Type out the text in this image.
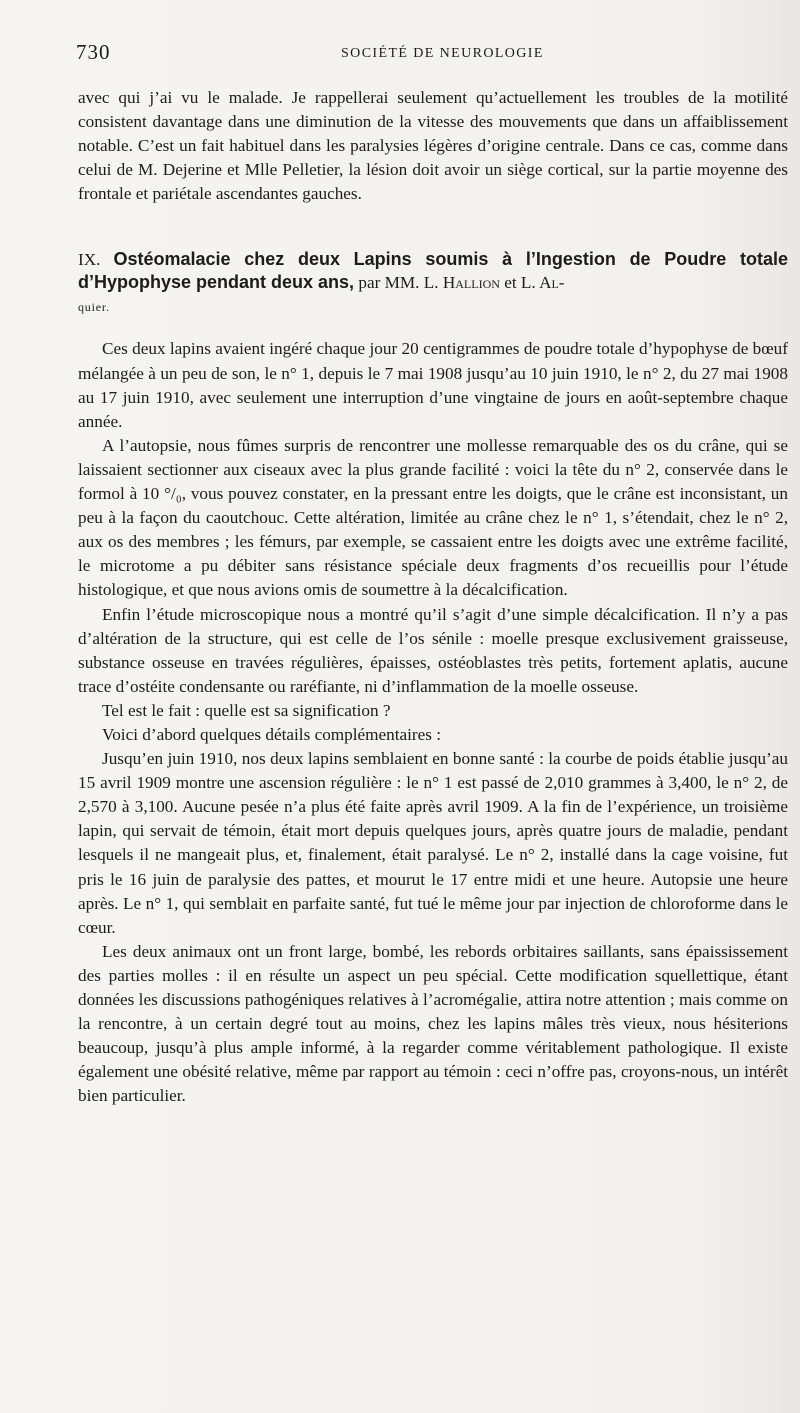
730	SOCIÉTÉ DE NEUROLOGIE

avec qui j’ai vu le malade. Je rappellerai seulement qu’actuellement les troubles de la motilité consistent davantage dans une diminution de la vitesse des mouvements que dans un affaiblissement notable. C’est un fait habituel dans les paralysies légères d’origine centrale. Dans ce cas, comme dans celui de M. Dejerine et Mlle Pelletier, la lésion doit avoir un siège cortical, sur la partie moyenne des frontale et pariétale ascendantes gauches.

IX. Ostéomalacie chez deux Lapins soumis à l’Ingestion de Poudre totale d’Hypophyse pendant deux ans, par MM. L. Hallion et L. Al-
quier.

Ces deux lapins avaient ingéré chaque jour 20 centigrammes de poudre totale d’hypophyse de bœuf mélangée à un peu de son, le n° 1, depuis le 7 mai 1908 jusqu’au 10 juin 1910, le n° 2, du 27 mai 1908 au 17 juin 1910, avec seulement une interruption d’une vingtaine de jours en août-septembre chaque année.

A l’autopsie, nous fûmes surpris de rencontrer une mollesse remarquable des os du crâne, qui se laissaient sectionner aux ciseaux avec la plus grande facilité : voici la tête du n° 2, conservée dans le formol à 10 °/₀, vous pouvez constater, en la pressant entre les doigts, que le crâne est inconsistant, un peu à la façon du caoutchouc. Cette altération, limitée au crâne chez le n° 1, s’étendait, chez le n° 2, aux os des membres ; les fémurs, par exemple, se cassaient entre les doigts avec une extrême facilité, le microtome a pu débiter sans résistance spéciale deux fragments d’os recueillis pour l’étude histologique, et que nous avions omis de soumettre à la décalcification.

Enfin l’étude microscopique nous a montré qu’il s’agit d’une simple décalcification. Il n’y a pas d’altération de la structure, qui est celle de l’os sénile : moelle presque exclusivement graisseuse, substance osseuse en travées régulières, épaisses, ostéoblastes très petits, fortement aplatis, aucune trace d’ostéite condensante ou raréfiante, ni d’inflammation de la moelle osseuse.

Tel est le fait : quelle est sa signification ?

Voici d’abord quelques détails complémentaires :

Jusqu’en juin 1910, nos deux lapins semblaient en bonne santé : la courbe de poids établie jusqu’au 15 avril 1909 montre une ascension régulière : le n° 1 est passé de 2,010 grammes à 3,400, le n° 2, de 2,570 à 3,100. Aucune pesée n’a plus été faite après avril 1909. A la fin de l’expérience, un troisième lapin, qui servait de témoin, était mort depuis quelques jours, après quatre jours de maladie, pendant lesquels il ne mangeait plus, et, finalement, était paralysé. Le n° 2, installé dans la cage voisine, fut pris le 16 juin de paralysie des pattes, et mourut le 17 entre midi et une heure. Autopsie une heure après. Le n° 1, qui semblait en parfaite santé, fut tué le même jour par injection de chloroforme dans le cœur.

Les deux animaux ont un front large, bombé, les rebords orbitaires saillants, sans épaississement des parties molles : il en résulte un aspect un peu spécial. Cette modification squellettique, étant données les discussions pathogéniques relatives à l’acromégalie, attira notre attention ; mais comme on la rencontre, à un certain degré tout au moins, chez les lapins mâles très vieux, nous hésiterions beaucoup, jusqu’à plus ample informé, à la regarder comme véritablement pathologique. Il existe également une obésité relative, même par rapport au témoin : ceci n’offre pas, croyons-nous, un intérêt bien particulier.
